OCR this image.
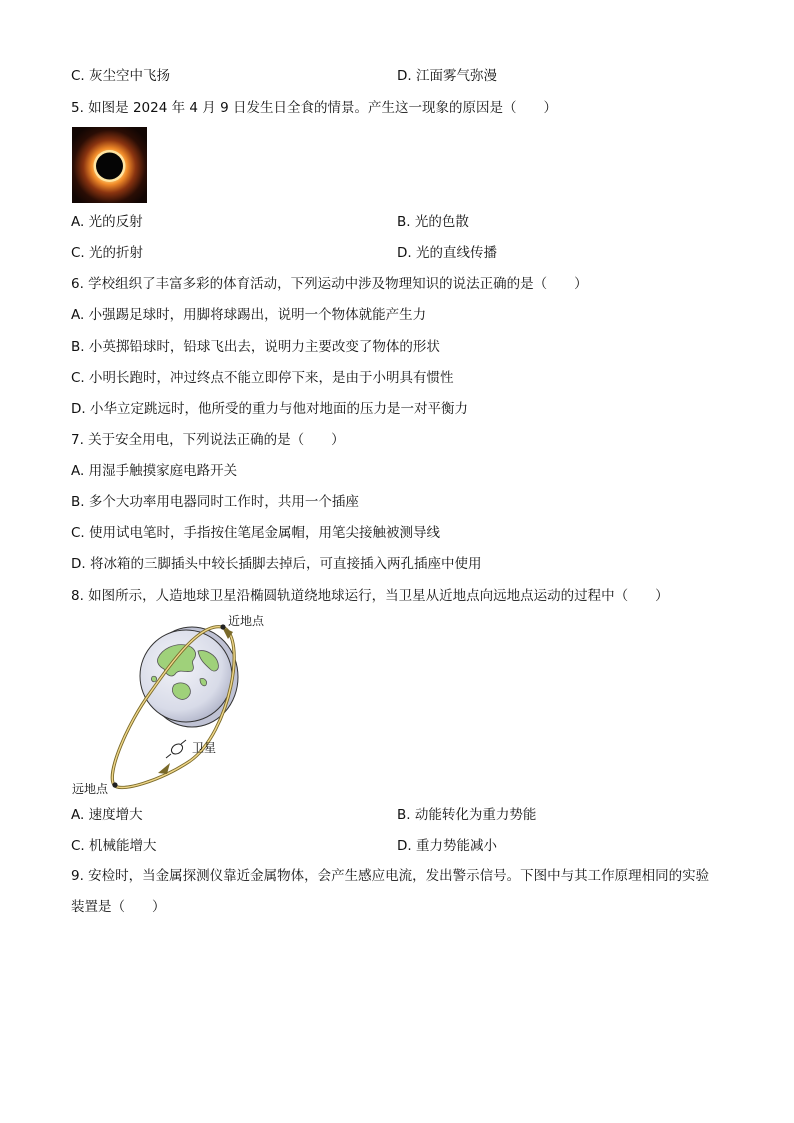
C. 灰尘空中飞扬	D. 江面雾气弥漫
5. 如图是 2024 年 4 月 9 日发生日全食的情景。产生这一现象的原因是（　　）
A. 光的反射	B. 光的色散
C. 光的折射	D. 光的直线传播
6. 学校组织了丰富多彩的体育活动，下列运动中涉及物理知识的说法正确的是（　　）
A. 小强踢足球时，用脚将球踢出，说明一个物体就能产生力
B. 小英掷铅球时，铅球飞出去，说明力主要改变了物体的形状
C. 小明长跑时，冲过终点不能立即停下来，是由于小明具有惯性
D. 小华立定跳远时，他所受的重力与他对地面的压力是一对平衡力
7. 关于安全用电，下列说法正确的是（　　）
A. 用湿手触摸家庭电路开关
B. 多个大功率用电器同时工作时，共用一个插座
C. 使用试电笔时，手指按住笔尾金属帽，用笔尖接触被测导线
D. 将冰箱的三脚插头中较长插脚去掉后，可直接插入两孔插座中使用
8. 如图所示，人造地球卫星沿椭圆轨道绕地球运行，当卫星从近地点向远地点运动的过程中（　　）
近地点
卫星
远地点
A. 速度增大	B. 动能转化为重力势能
C. 机械能增大	D. 重力势能减小
9. 安检时，当金属探测仪靠近金属物体，会产生感应电流，发出警示信号。下图中与其工作原理相同的实验装置是（　　）
